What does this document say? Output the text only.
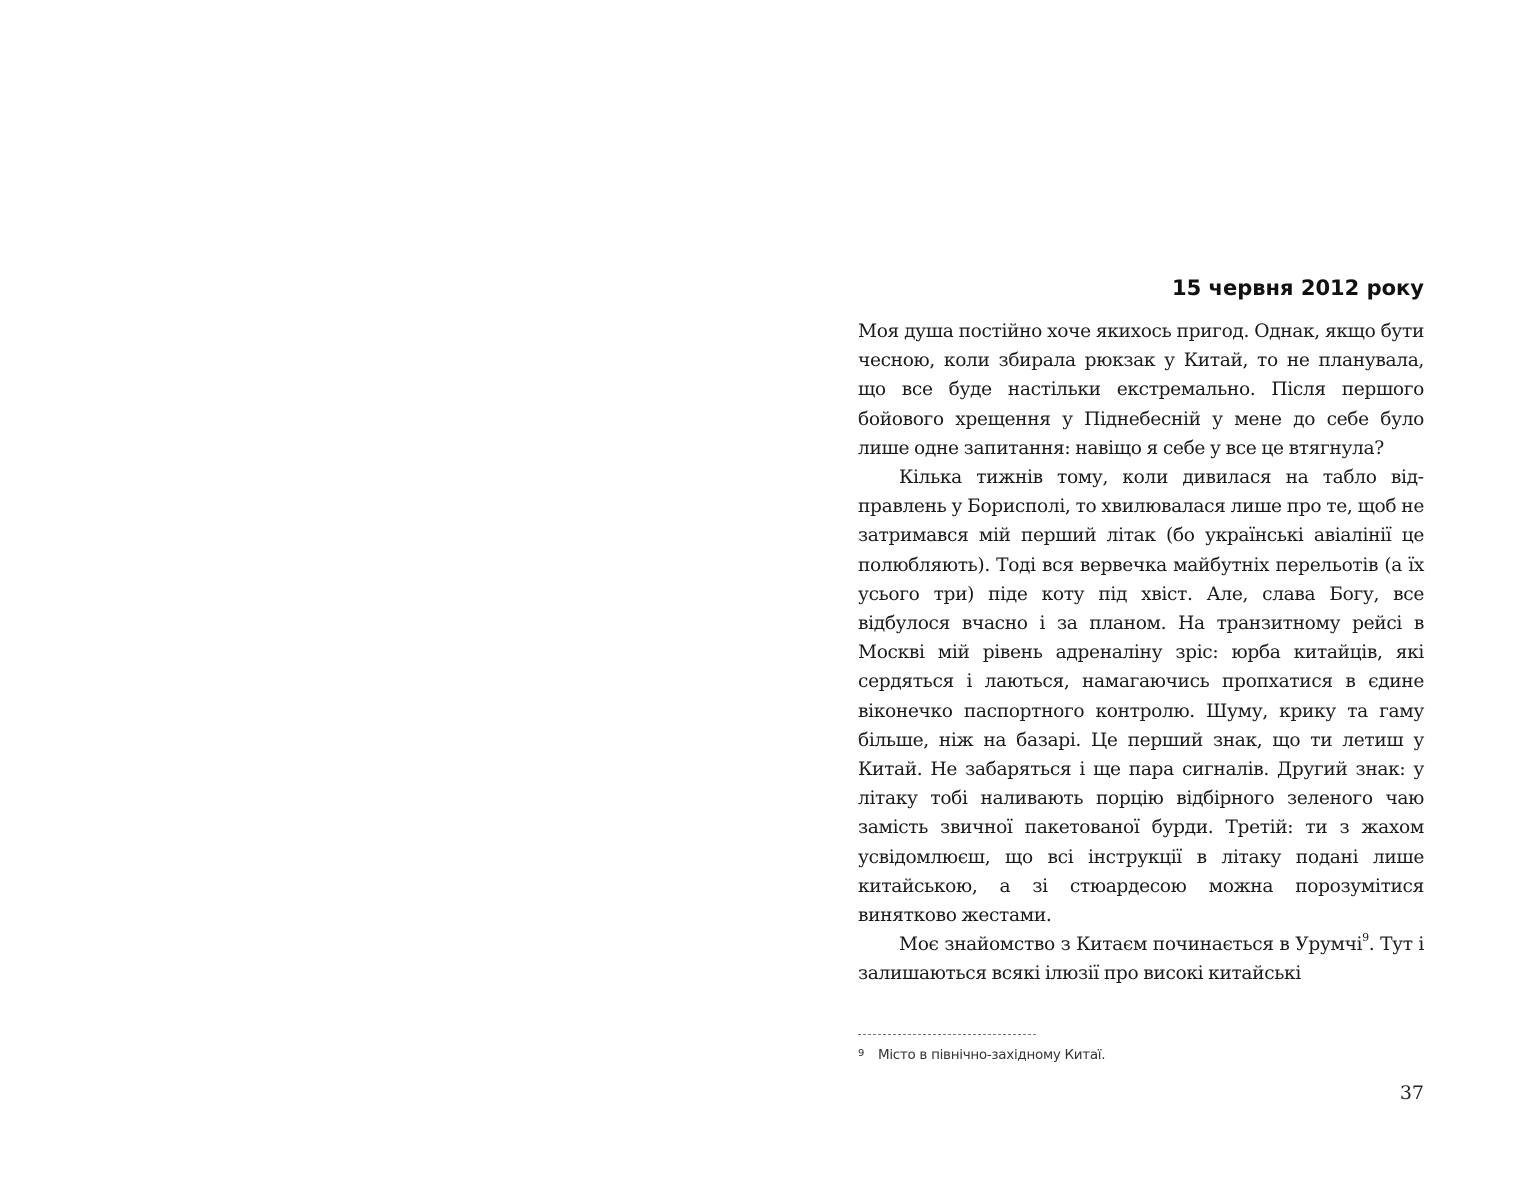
15 червня 2012 року

Моя душа постійно хоче якихось пригод. Однак, якщо бути чесною, коли збирала рюкзак у Китай, то не планувала, що все буде настільки екстремально. Після першого бойового хрещення у Піднебесній у мене до себе було лише одне запитання: навіщо я себе у все це втягнула?

Кілька тижнів тому, коли дивилася на табло відправлень у Борисполі, то хвилювалася лише про те, щоб не затримався мій перший літак (бо українські авіалінії це полюбляють). Тоді вся вервечка майбутніх перельотів (а їх усього три) піде коту під хвіст. Але, слава Богу, все відбулося вчасно і за планом. На транзитному рейсі в Москві мій рівень адреналіну зріс: юрба китайців, які сердяться і лаються, намагаючись пропхатися в єдине віконечко паспортного контролю. Шуму, крику та гаму більше, ніж на базарі. Це перший знак, що ти летиш у Китай. Не забаряться і ще пара сигналів. Другий знак: у літаку тобі наливають порцію відбірного зеленого чаю замість звичної пакетованої бурди. Третій: ти з жахом усвідомлюєш, що всі інструкції в літаку подані лише китайською, а зі стюардесою можна порозумітися винятково жестами.

Моє знайомство з Китаєм починається в Урумчі$^9$. Тут і залишаються всякі ілюзії про високі китайські

9 Місто в північно-західному Китаї.
37
